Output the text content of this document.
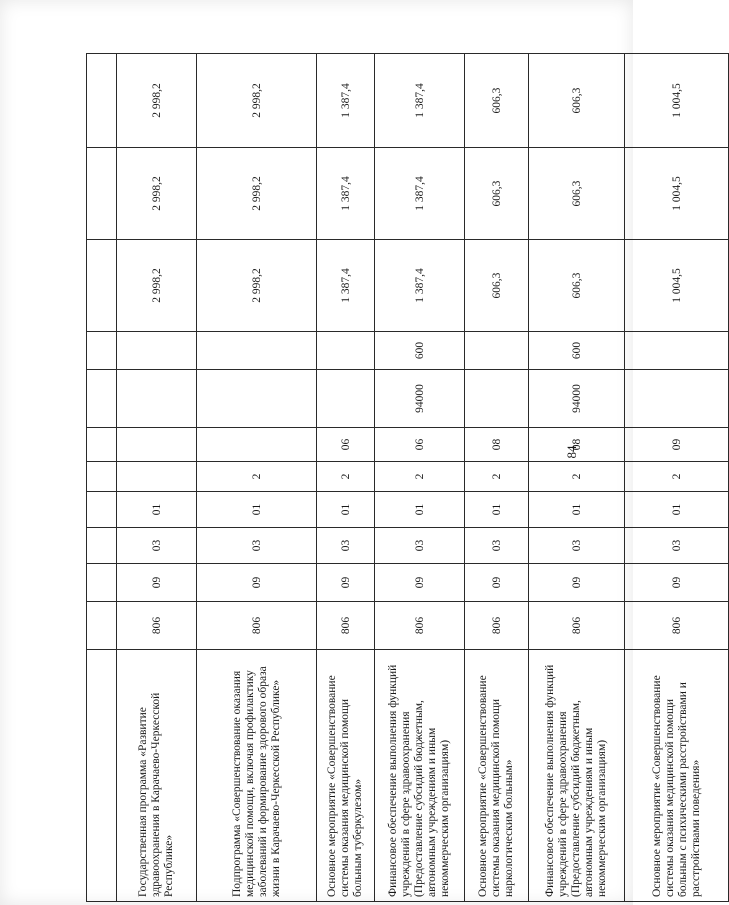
84

Государственная программа «Развитие здравоохранения в Карачаево-Черкесской Республике»	806	09	03	01					2 998,2	2 998,2	2 998,2
Подпрограмма «Совершенствование оказания медицинской помощи, включая профилактику заболеваний и формирование здорового образа жизни в Карачаево-Черкесской Республике»	806	09	03	01	2				2 998,2	2 998,2	2 998,2
Основное мероприятие «Совершенствование системы оказания медицинской помощи больным туберкулезом»	806	09	03	01	2	06			1 387,4	1 387,4	1 387,4
Финансовое обеспечение выполнения функций учреждений в сфере здравоохранения (Предоставление субсидий бюджетным, автономным учреждениям и иным некоммерческим организациям)	806	09	03	01	2	06	94000	600	1 387,4	1 387,4	1 387,4
Основное мероприятие «Совершенствование системы оказания медицинской помощи наркологическим больным»	806	09	03	01	2	08			606,3	606,3	606,3
Финансовое обеспечение выполнения функций учреждений в сфере здравоохранения (Предоставление субсидий бюджетным, автономным учреждениям и иным некоммерческим организациям)	806	09	03	01	2	08	94000	600	606,3	606,3	606,3
Основное мероприятие «Совершенствование системы оказания медицинской помощи больным с психическими расстройствами и расстройствами поведения»	806	09	03	01	2	09			1 004,5	1 004,5	1 004,5
